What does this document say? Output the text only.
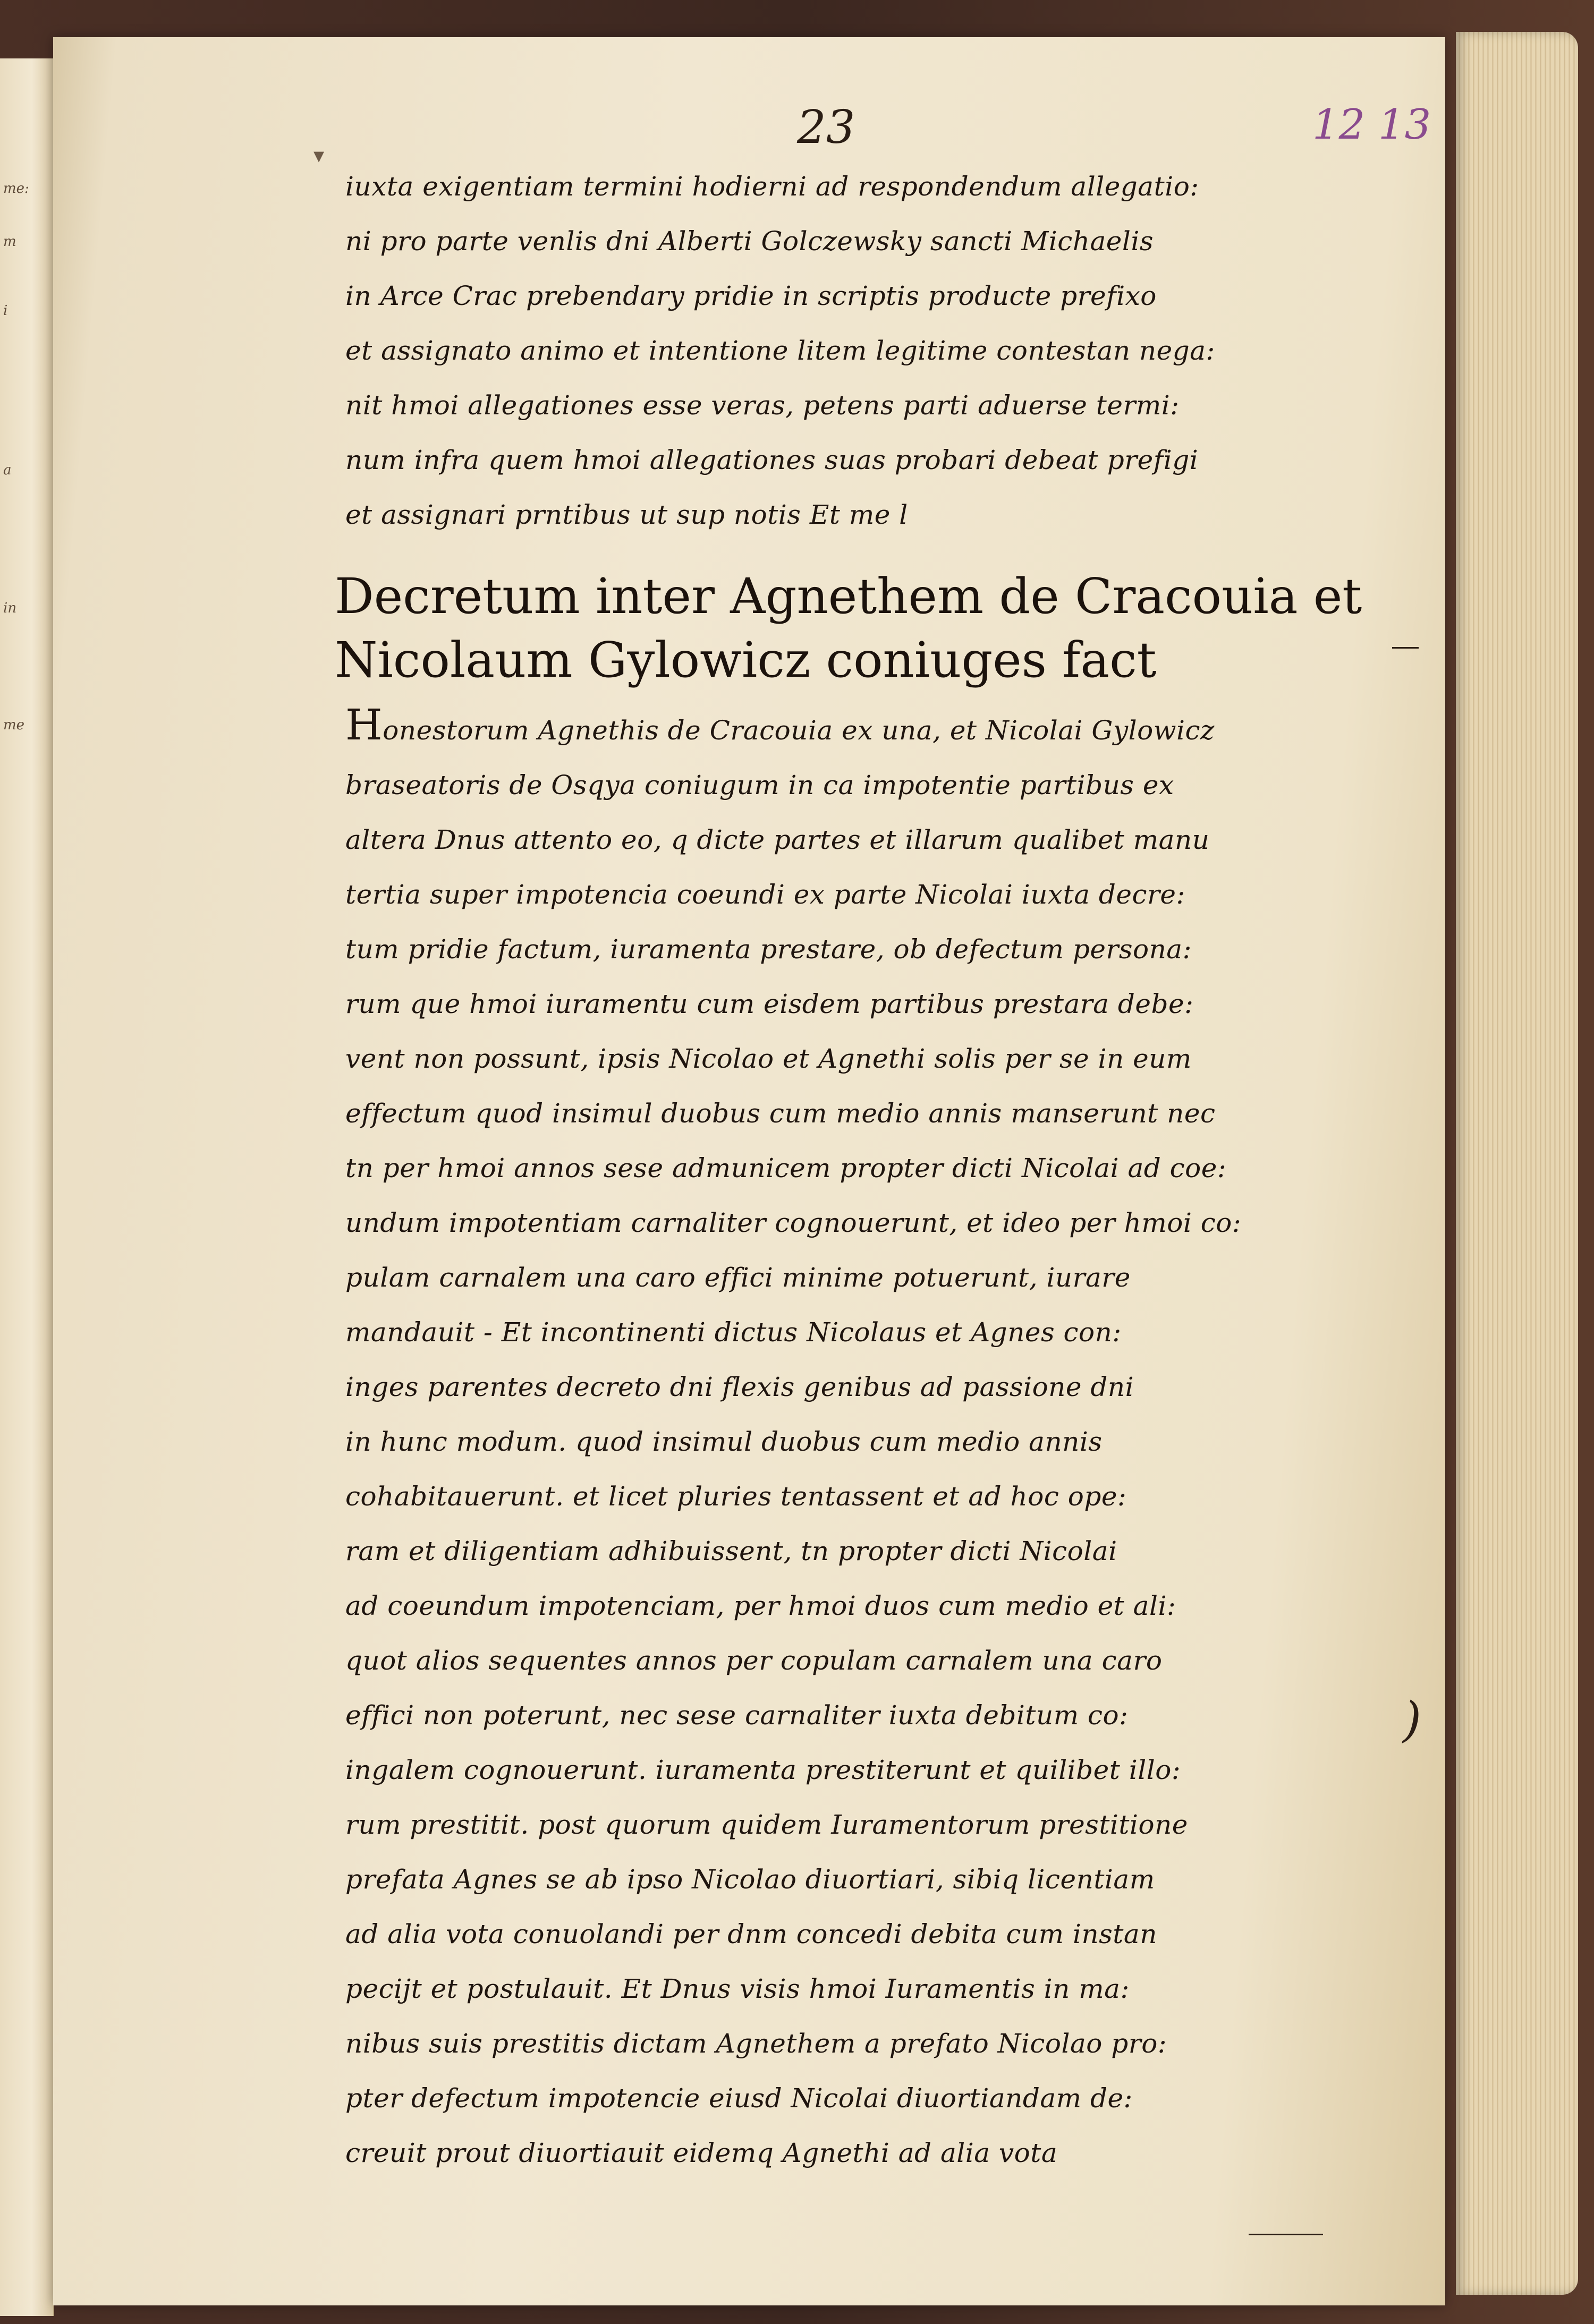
me:
m
i
a
in
me
23	12 13
▾
iuxta exigentiam termini hodierni ad respondendum allegatio:
ni pro parte venlis dni Alberti Golczewsky sancti Michaelis
in Arce Crac prebendary pridie in scriptis producte prefixo
et assignato animo et intentione litem legitime contestan nega:
nit hmoi allegationes esse veras, petens parti aduerse termi:
num infra quem hmoi allegationes suas probari debeat prefigi
et assignari prntibus ut sup notis Et me l
Decretum inter Agnethem de Cracouia et
Nicolaum Gylowicz coniuges fact
Honestorum Agnethis de Cracouia ex una, et Nicolai Gylowicz
braseatoris de Osqya coniugum in ca impotentie partibus ex
altera Dnus attento eo, q dicte partes et illarum qualibet manu
tertia super impotencia coeundi ex parte Nicolai iuxta decre:
tum pridie factum, iuramenta prestare, ob defectum persona:
rum que hmoi iuramentu cum eisdem partibus prestara debe:
vent non possunt, ipsis Nicolao et Agnethi solis per se in eum
effectum quod insimul duobus cum medio annis manserunt nec
tn per hmoi annos sese admunicem propter dicti Nicolai ad coe:
undum impotentiam carnaliter cognouerunt, et ideo per hmoi co:
pulam carnalem una caro effici minime potuerunt, iurare
mandauit - Et incontinenti dictus Nicolaus et Agnes con:
inges parentes decreto dni flexis genibus ad passione dni
in hunc modum. quod insimul duobus cum medio annis
cohabitauerunt. et licet pluries tentassent et ad hoc ope:
ram et diligentiam adhibuissent, tn propter dicti Nicolai
ad coeundum impotenciam, per hmoi duos cum medio et ali:
quot alios sequentes annos per copulam carnalem una caro
effici non poterunt, nec sese carnaliter iuxta debitum co:
ingalem cognouerunt. iuramenta prestiterunt et quilibet illo:
rum prestitit. post quorum quidem Iuramentorum prestitione
prefata Agnes se ab ipso Nicolao diuortiari, sibiq licentiam
ad alia vota conuolandi per dnm concedi debita cum instan
pecijt et postulauit. Et Dnus visis hmoi Iuramentis in ma:
nibus suis prestitis dictam Agnethem a prefato Nicolao pro:
pter defectum impotencie eiusd Nicolai diuortiandam de:
creuit prout diuortiauit eidemq Agnethi ad alia vota
)
